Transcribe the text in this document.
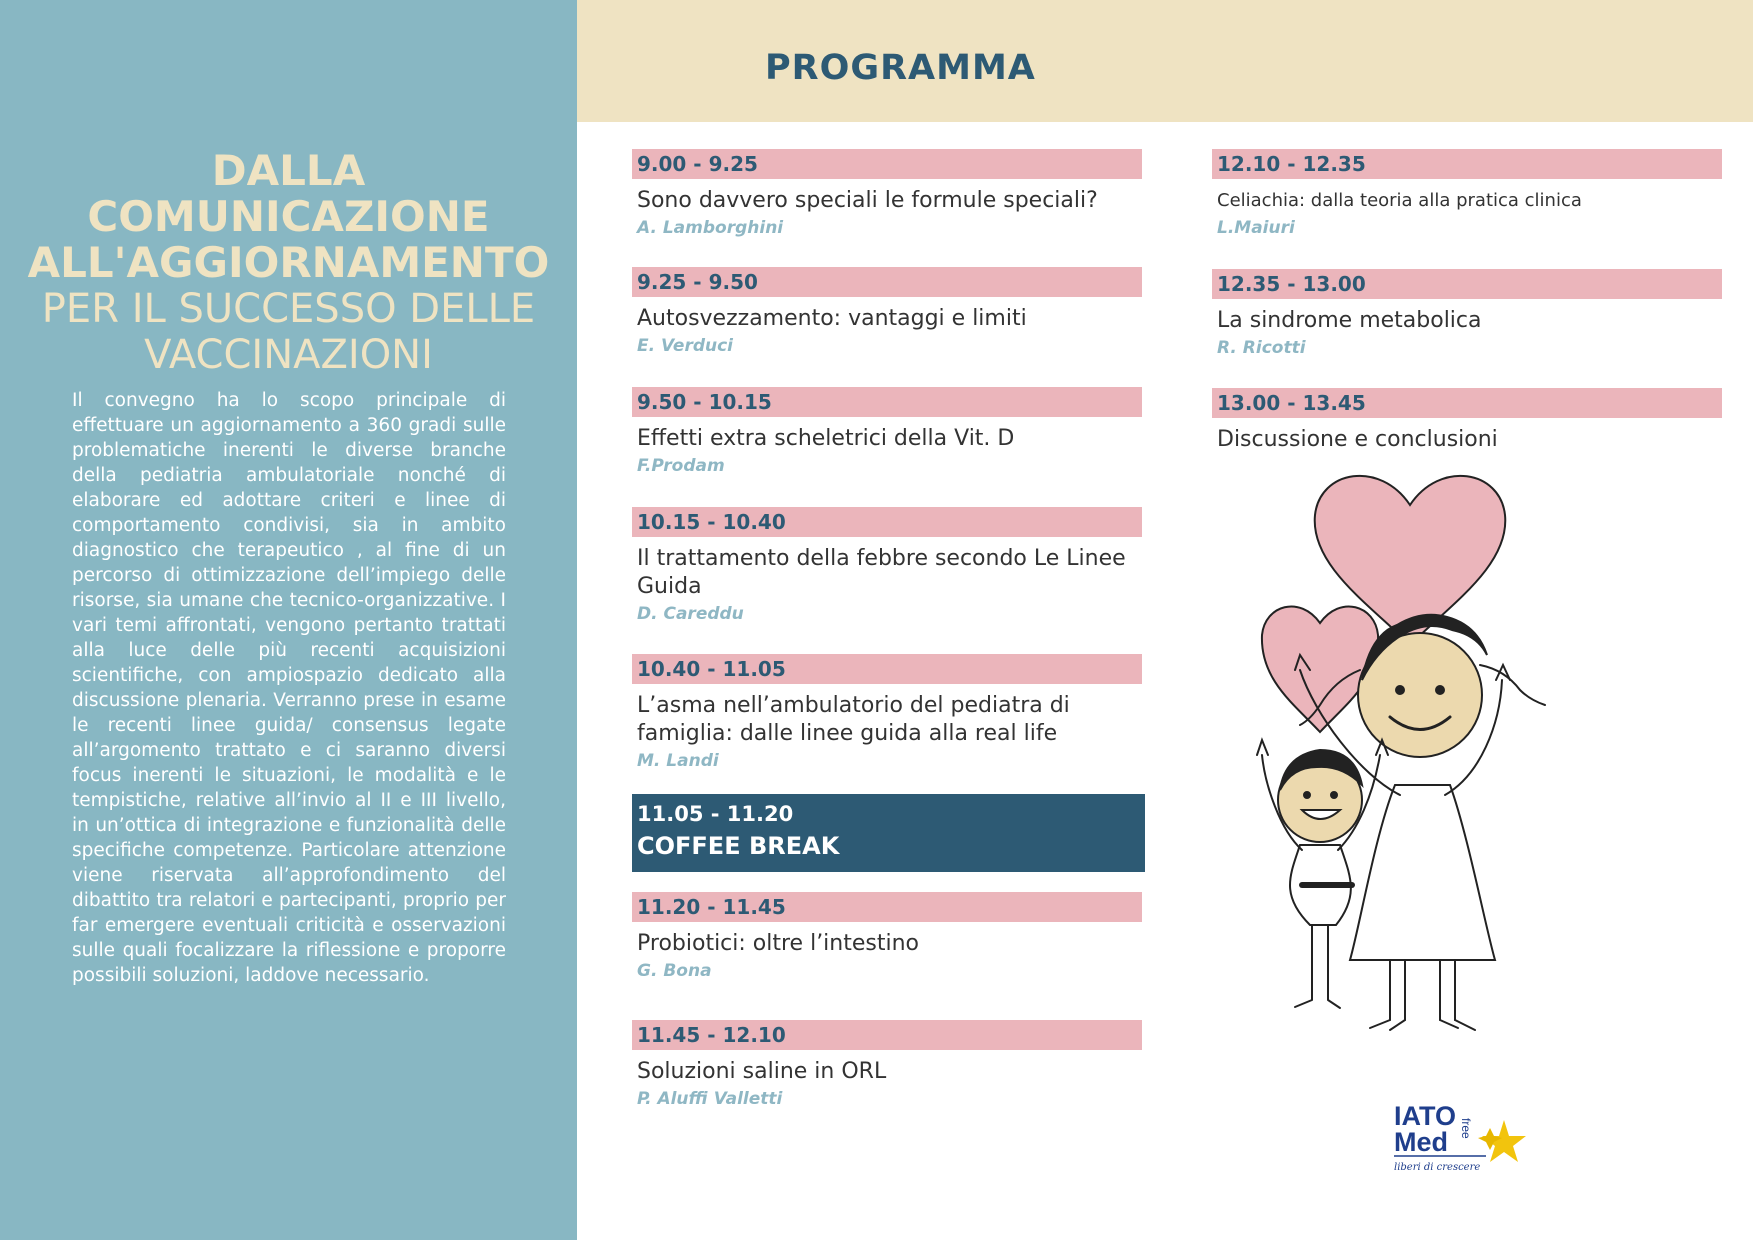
DALLA COMUNICAZIONE
ALL'AGGIORNAMENTO
PER IL SUCCESSO DELLE
VACCINAZIONI

Il convegno ha lo scopo principale di effettuare un aggiornamento a 360 gradi sulle problematiche inerenti le diverse branche della pediatria ambulatoriale nonché di elaborare ed adottare criteri e linee di comportamento condivisi, sia in ambito diagnostico che terapeutico , al fine di un percorso di ottimizzazione dell’impiego delle risorse, sia umane che tecnico-organizzative. I vari temi affrontati, vengono pertanto trattati alla luce delle più recenti acquisizioni scientifiche, con ampiospazio dedicato alla discussione plenaria. Verranno prese in esame le recenti linee guida/ consensus legate all’argomento trattato e ci saranno diversi focus inerenti le situazioni, le modalità e le tempistiche, relative all’invio al II e III livello, in un’ottica di integrazione e funzionalità delle specifiche competenze. Particolare attenzione viene riservata all’approfondimento del dibattito tra relatori e partecipanti, proprio per far emergere eventuali criticità e osservazioni sulle quali focalizzare la riflessione e proporre possibili soluzioni, laddove necessario.

PROGRAMMA
9.00 - 9.25
Sono davvero speciali le formule speciali?
A. Lamborghini
9.25 - 9.50
Autosvezzamento: vantaggi e limiti
E. Verduci
9.50 - 10.15
Effetti extra scheletrici della Vit. D
F.Prodam
10.15 - 10.40
Il trattamento della febbre secondo Le Linee Guida
D. Careddu
10.40 - 11.05
L’asma nell’ambulatorio del pediatra di famiglia: dalle linee guida alla real life
M. Landi
11.05 - 11.20
COFFEE BREAK
11.20 - 11.45
Probiotici: oltre l’intestino
G. Bona
11.45 - 12.10
Soluzioni saline in ORL
P. Aluffi Valletti
12.10 - 12.35
Celiachia: dalla teoria alla pratica clinica
L.Maiuri
12.35 - 13.00
La sindrome metabolica
R. Ricotti
13.00 - 13.45
Discussione e conclusioni
IATO
Med free
liberi di crescere
